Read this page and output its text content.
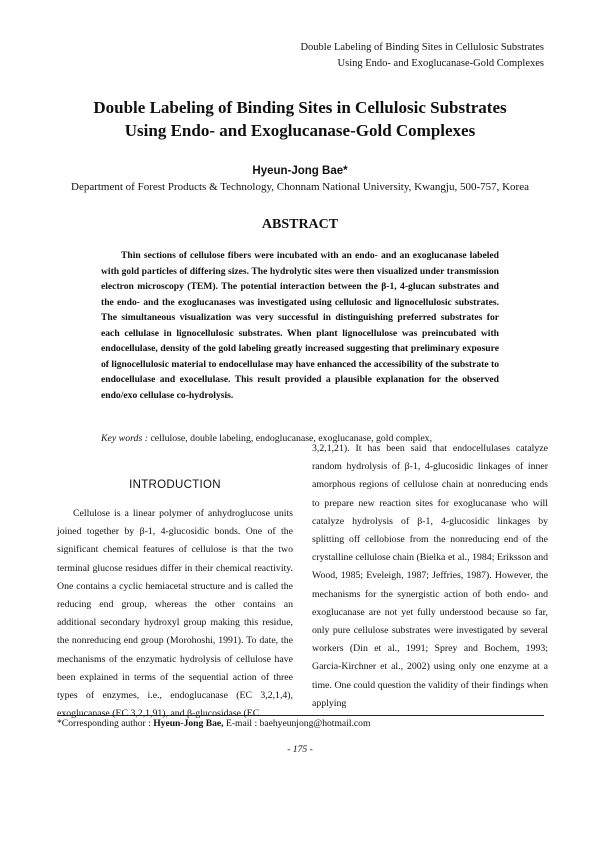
Double Labeling of Binding Sites in Cellulosic Substrates
Using Endo- and Exoglucanase-Gold Complexes
Double Labeling of Binding Sites in Cellulosic Substrates
Using Endo- and Exoglucanase-Gold Complexes
Hyeun-Jong Bae*
Department of Forest Products & Technology, Chonnam National University, Kwangju, 500-757, Korea
ABSTRACT
Thin sections of cellulose fibers were incubated with an endo- and an exoglucanase labeled with gold particles of differing sizes. The hydrolytic sites were then visualized under transmission electron microscopy (TEM). The potential interaction between the β-1, 4-glucan substrates and the endo- and the exoglucanases was investigated using cellulosic and lignocellulosic substrates. The simultaneous visualization was very successful in distinguishing preferred substrates for each cellulase in lignocellulosic substrates. When plant lignocellulose was preincubated with endocellulase, density of the gold labeling greatly increased suggesting that preliminary exposure of lignocellulosic material to endocellulase may have enhanced the accessibility of the substrate to endocellulase and exocellulase. This result provided a plausible explanation for the observed endo/exo cellulase co-hydrolysis.
Key words : cellulose, double labeling, endoglucanase, exoglucanase, gold complex,
INTRODUCTION
Cellulose is a linear polymer of anhydroglucose units joined together by β-1, 4-glucosidic bonds. One of the significant chemical features of cellulose is that the two terminal glucose residues differ in their chemical reactivity. One contains a cyclic hemiacetal structure and is called the reducing end group, whereas the other contains an additional secondary hydroxyl group making this residue, the nonreducing end group (Morohoshi, 1991). To date, the mechanisms of the enzymatic hydrolysis of cellulose have been explained in terms of the sequential action of three types of enzymes, i.e., endoglucanase (EC 3,2,1,4), exoglucanase (EC 3,2,1,91), and β-glucosidase (EC
3,2,1,21). It has been said that endocellulases catalyze random hydrolysis of β-1, 4-glucosidic linkages of inner amorphous regions of cellulose chain at nonreducing ends to prepare new reaction sites for exoglucanase who will catalyze hydrolysis of β-1, 4-glucosidic linkages by splitting off cellobiose from the nonreducing end of the crystalline cellulose chain (Bielka et al., 1984; Eriksson and Wood, 1985; Eveleigh, 1987; Jeffries, 1987). However, the mechanisms for the synergistic action of both endo- and exoglucanase are not yet fully understood because so far, only pure cellulose substrates were investigated by several workers (Din et al., 1991; Sprey and Bochem, 1993; Garcia-Kirchner et al., 2002) using only one enzyme at a time. One could question the validity of their findings when applying
*Corresponding author : Hyeun-Jong Bae, E-mail : baehyeunjong@hotmail.com
- 175 -
